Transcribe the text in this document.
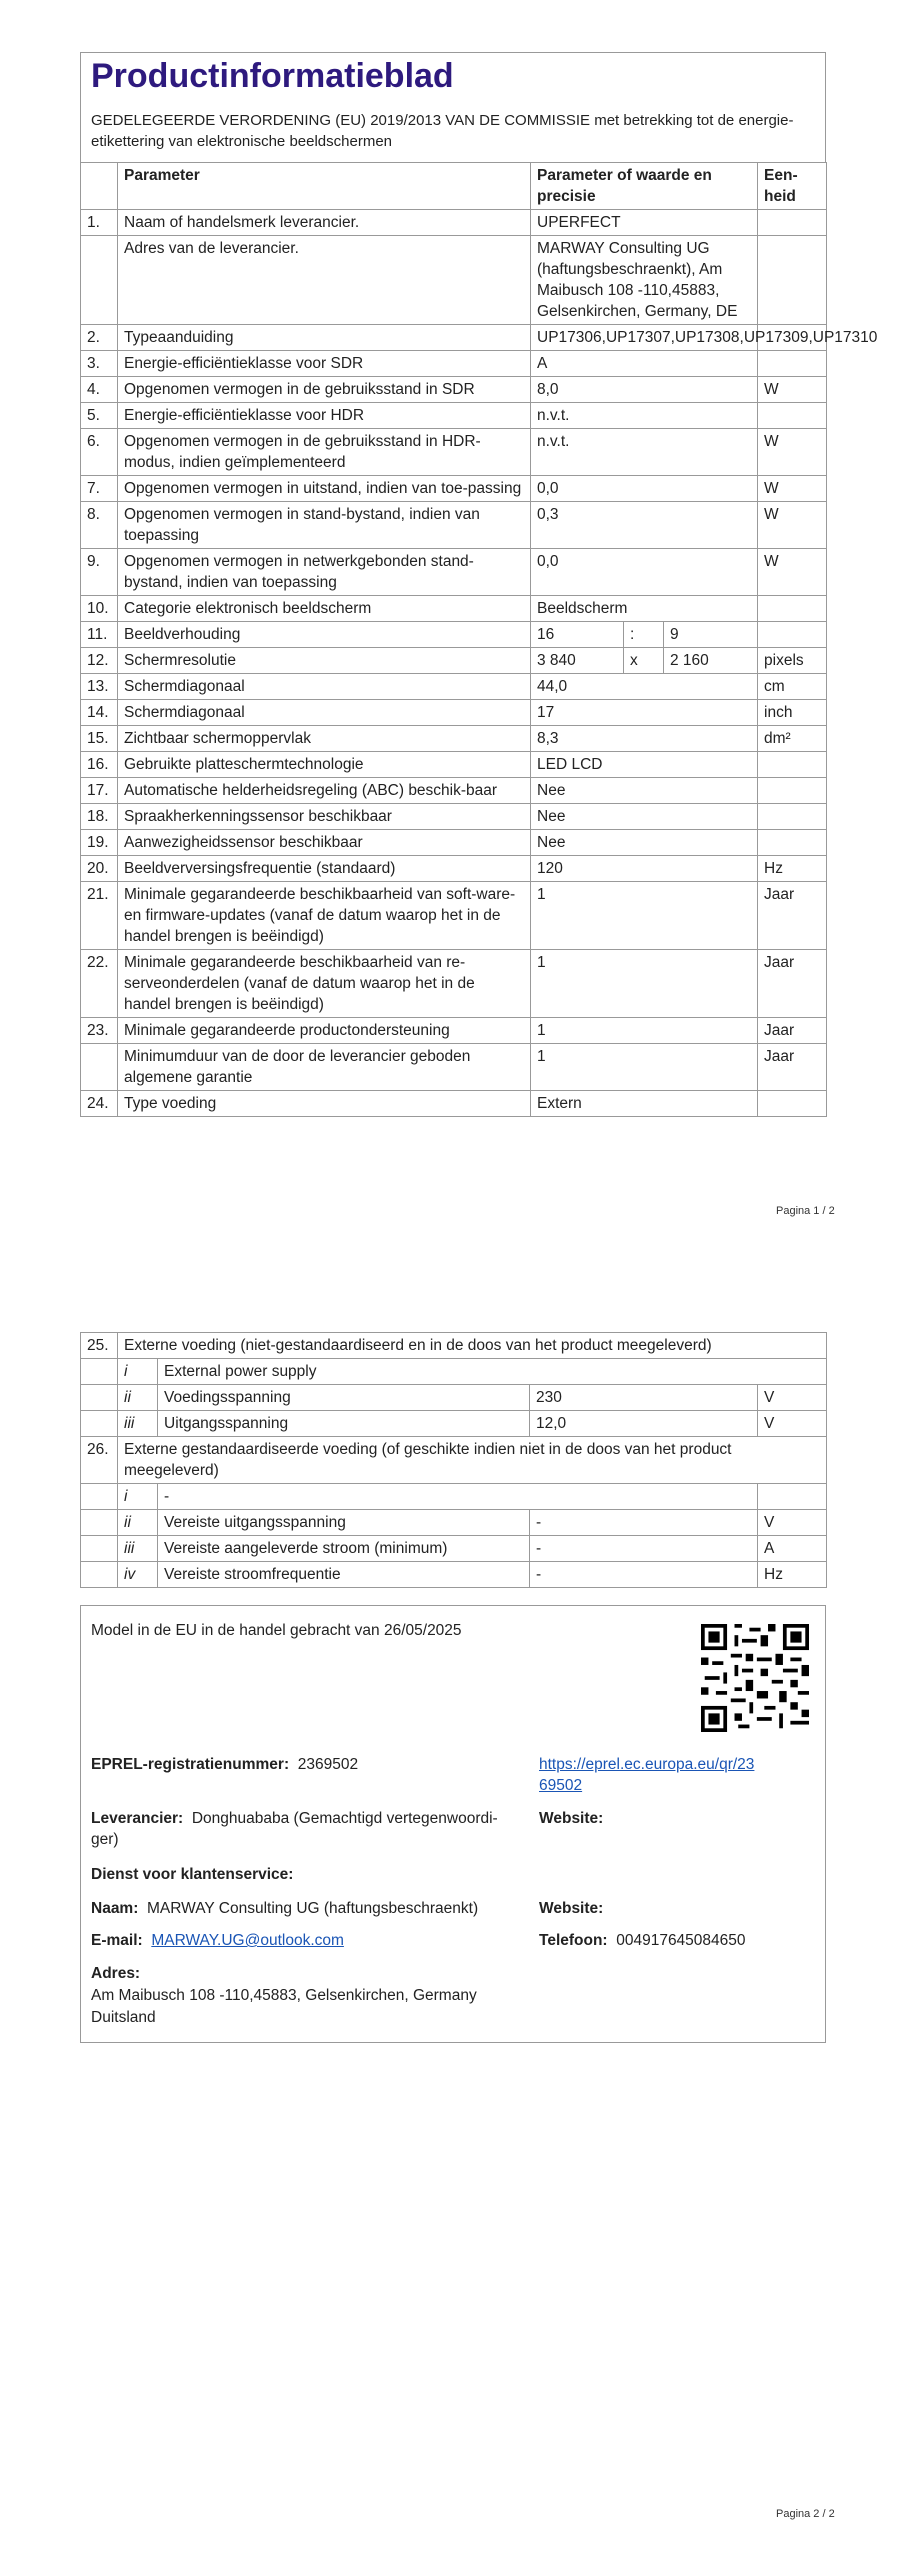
Productinformatieblad
GEDELEGEERDE VERORDENING (EU) 2019/2013 VAN DE COMMISSIE met betrekking tot de energie-etikettering van elektronische beeldschermen
	Parameter	Parameter of waarde en precisie			Een-heid
1.	Naam of handelsmerk leverancier.	UPERFECT			
	Adres van de leverancier.	MARWAY Consulting UG (haftungsbeschraenkt), Am Maibusch 108 -110,45883, Gelsenkirchen, Germany, DE			
2.	Typeaanduiding	UP17306,UP17307,UP17308,UP17309,UP17310			
3.	Energie-efficiëntieklasse voor SDR	A			
4.	Opgenomen vermogen in de gebruiksstand in SDR	8,0			W
5.	Energie-efficiëntieklasse voor HDR	n.v.t.			
6.	Opgenomen vermogen in de gebruiksstand in HDR-modus, indien geïmplementeerd	n.v.t.			W
7.	Opgenomen vermogen in uitstand, indien van toe-passing	0,0			W
8.	Opgenomen vermogen in stand-bystand, indien van toepassing	0,3			W
9.	Opgenomen vermogen in netwerkgebonden stand-bystand, indien van toepassing	0,0			W
10.	Categorie elektronisch beeldscherm	Beeldscherm			
11.	Beeldverhouding	16	:	9	
12.	Schermresolutie	3 840	x	2 160	pixels
13.	Schermdiagonaal	44,0			cm
14.	Schermdiagonaal	17			inch
15.	Zichtbaar schermoppervlak	8,3			dm²
16.	Gebruikte platteschermtechnologie	LED LCD			
17.	Automatische helderheidsregeling (ABC) beschik-baar	Nee			
18.	Spraakherkenningssensor beschikbaar	Nee			
19.	Aanwezigheidssensor beschikbaar	Nee			
20.	Beeldverversingsfrequentie (standaard)	120			Hz
21.	Minimale gegarandeerde beschikbaarheid van soft-ware- en firmware-updates (vanaf de datum waarop het in de handel brengen is beëindigd)	1			Jaar
22.	Minimale gegarandeerde beschikbaarheid van re-serveonderdelen (vanaf de datum waarop het in de handel brengen is beëindigd)	1			Jaar
23.	Minimale gegarandeerde productondersteuning	1			Jaar
	Minimumduur van de door de leverancier geboden algemene garantie	1			Jaar
24.	Type voeding	Extern			
Pagina 1 / 2
25.	Externe voeding (niet-gestandaardiseerd en in de doos van het product meegeleverd)			
	i	External power supply		
	ii	Voedingsspanning	230	V
	iii	Uitgangsspanning	12,0	V
26.	Externe gestandaardiseerde voeding (of geschikte indien niet in de doos van het product meegeleverd)			
	i	-		
	ii	Vereiste uitgangsspanning	-	V
	iii	Vereiste aangeleverde stroom (minimum)	-	A
	iv	Vereiste stroomfrequentie	-	Hz
Model in de EU in de handel gebracht van 26/05/2025
EPREL-registratienummer: 2369502	https://eprel.ec.europa.eu/qr/23
69502
Leverancier: Donghuababa (Gemachtigd vertegenwoordi-
ger)
Website:
Dienst voor klantenservice:
Naam: MARWAY Consulting UG (haftungsbeschraenkt)	Website:
E-mail: MARWAY.UG@outlook.com	Telefoon: 004917645084650
Adres:
Am Maibusch 108 -110,45883, Gelsenkirchen, Germany
Duitsland
Pagina 2 / 2
